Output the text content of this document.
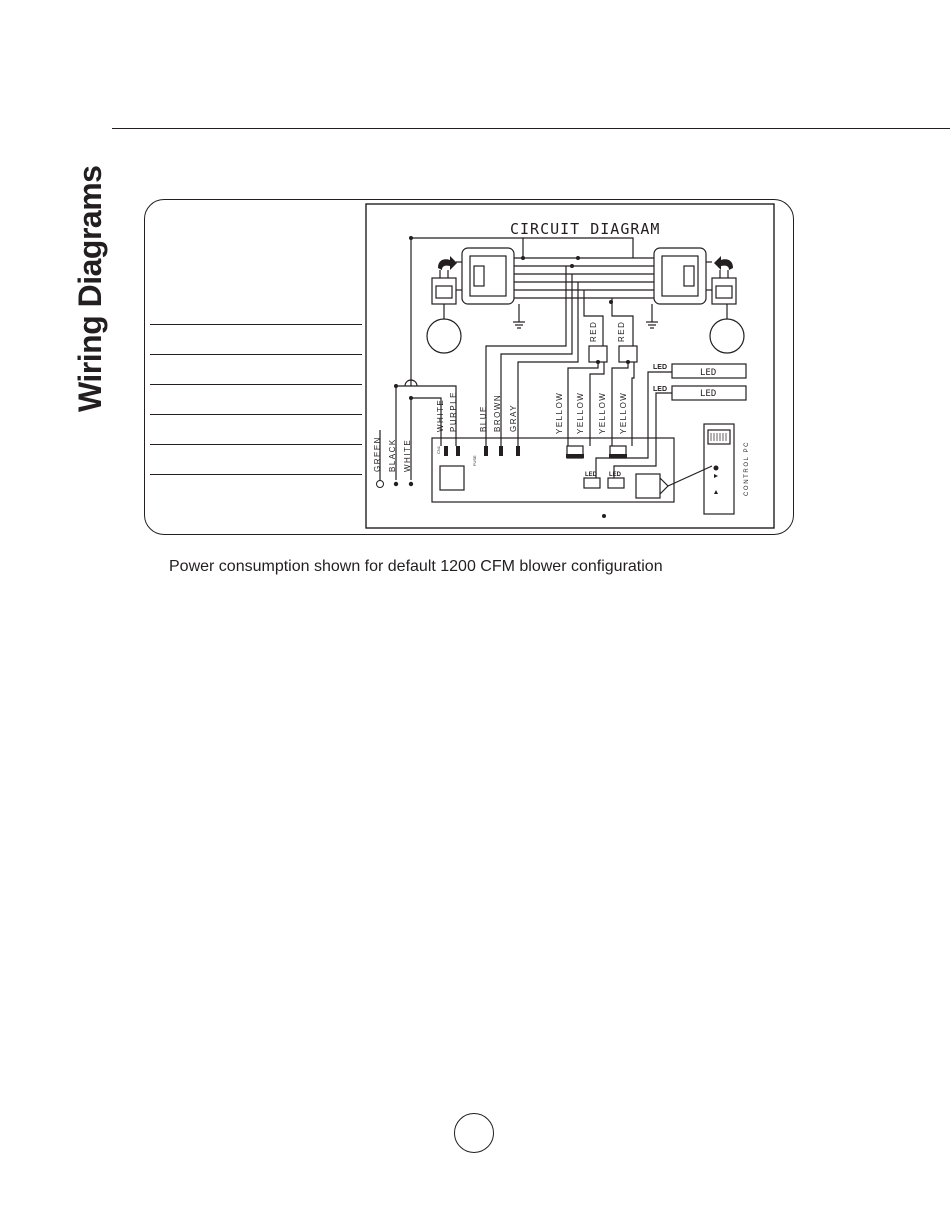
Wiring Diagrams	CIRCUIT DIAGRAM
GREEN BLACK WHITE
WHITE PURPLE	BLUE BROWN GRAY	YELLOW YELLOW YELLOW YELLOW
RED RED
LED
LED
LED
LED
LED LED
CN1
FUSE	CONTROL PC
Power consumption shown for default 1200 CFM blower configuration
